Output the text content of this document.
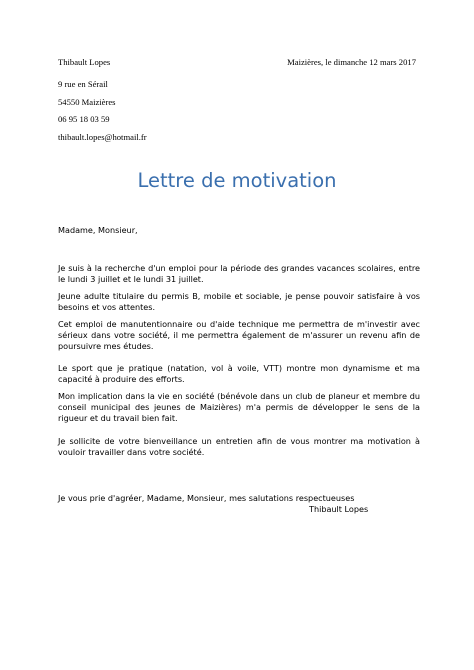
Thibault Lopes	Maizières, le dimanche 12 mars 2017
9 rue en Sérail
54550 Maizières
06 95 18 03 59
thibault.lopes@hotmail.fr
Lettre de motivation
Madame, Monsieur,
Je suis à la recherche d'un emploi pour la période des grandes vacances scolaires, entre le lundi 3 juillet et le lundi 31 juillet.
Jeune adulte titulaire du permis B, mobile et sociable, je pense pouvoir satisfaire à vos besoins et vos attentes.
Cet emploi de manutentionnaire ou d'aide technique me permettra de m'investir avec sérieux dans votre société, il me permettra également de m'assurer un revenu afin de poursuivre mes études.
Le sport que je pratique (natation, vol à voile, VTT) montre mon dynamisme et ma capacité à produire des efforts.
Mon implication dans la vie en société (bénévole dans un club de planeur et membre du conseil municipal des jeunes de Maizières) m'a permis de développer le sens de la rigueur et du travail bien fait.
Je sollicite de votre bienveillance un entretien afin de vous montrer ma motivation à vouloir travailler dans votre société.
Je vous prie d'agréer, Madame, Monsieur, mes salutations respectueuses
Thibault Lopes
